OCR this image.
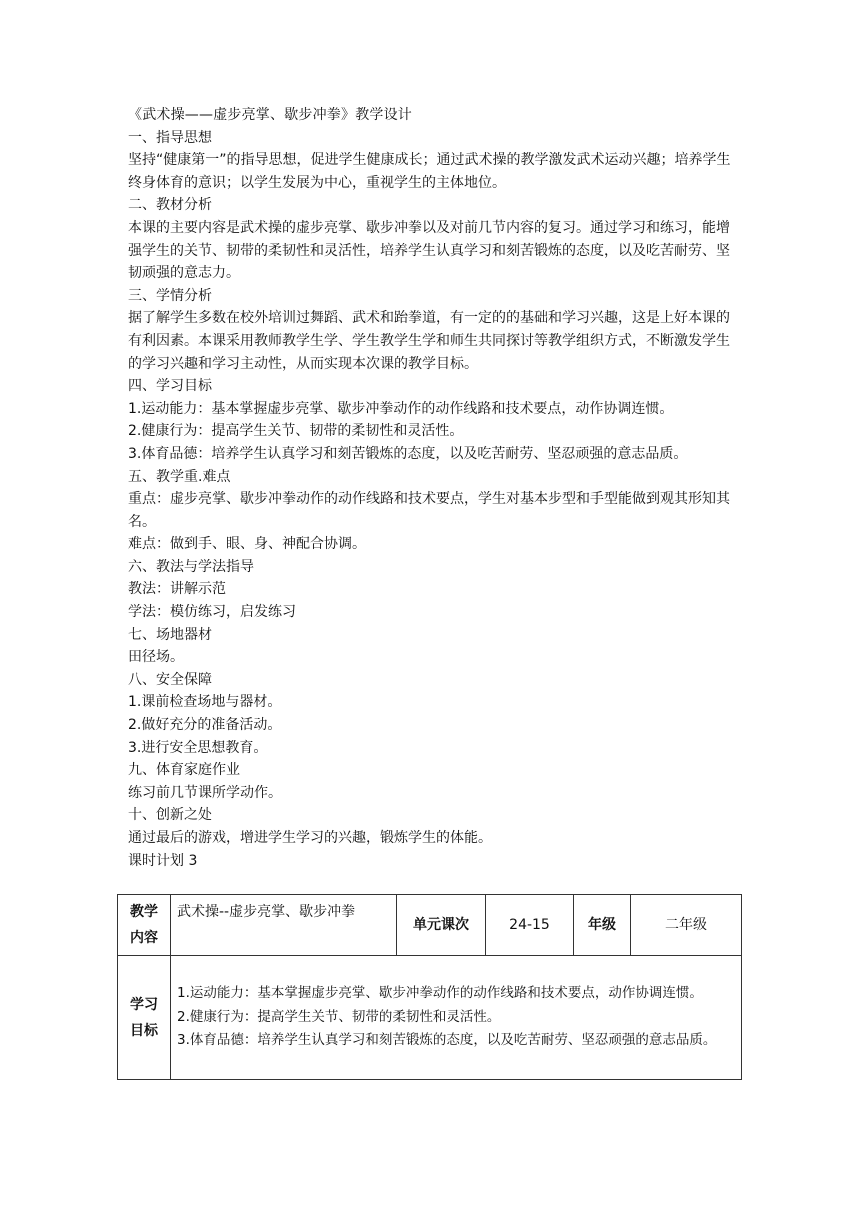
《武术操——虚步亮掌、歇步冲拳》教学设计

一、指导思想

坚持“健康第一”的指导思想，促进学生健康成长；通过武术操的教学激发武术运动兴趣；培养学生终身体育的意识；以学生发展为中心，重视学生的主体地位。

二、教材分析

本课的主要内容是武术操的虚步亮掌、歇步冲拳以及对前几节内容的复习。通过学习和练习，能增强学生的关节、韧带的柔韧性和灵活性，培养学生认真学习和刻苦锻炼的态度，以及吃苦耐劳、坚韧顽强的意志力。

三、学情分析

据了解学生多数在校外培训过舞蹈、武术和跆拳道，有一定的的基础和学习兴趣，这是上好本课的有利因素。本课采用教师教学生学、学生教学生学和师生共同探讨等教学组织方式，不断激发学生的学习兴趣和学习主动性，从而实现本次课的教学目标。

四、学习目标

1.运动能力：基本掌握虚步亮掌、歇步冲拳动作的动作线路和技术要点，动作协调连惯。

2.健康行为：提高学生关节、韧带的柔韧性和灵活性。

3.体育品德：培养学生认真学习和刻苦锻炼的态度，以及吃苦耐劳、坚忍顽强的意志品质。

五、教学重.难点

重点：虚步亮掌、歇步冲拳动作的动作线路和技术要点，学生对基本步型和手型能做到观其形知其名。

难点：做到手、眼、身、神配合协调。

六、教法与学法指导

教法：讲解示范

学法：模仿练习，启发练习

七、场地器材

田径场。

八、安全保障

1.课前检查场地与器材。

2.做好充分的准备活动。

3.进行安全思想教育。

九、体育家庭作业

练习前几节课所学动作。

十、创新之处

通过最后的游戏，增进学生学习的兴趣，锻炼学生的体能。

课时计划 3

教学内容	武术操--虚步亮掌、歇步冲拳	单元课次	24-15	年级	二年级
学习目标	1.运动能力：基本掌握虚步亮掌、歇步冲拳动作的动作线路和技术要点，动作协调连惯。

2.健康行为：提高学生关节、韧带的柔韧性和灵活性。

3.体育品德：培养学生认真学习和刻苦锻炼的态度，以及吃苦耐劳、坚忍顽强的意志品质。				
